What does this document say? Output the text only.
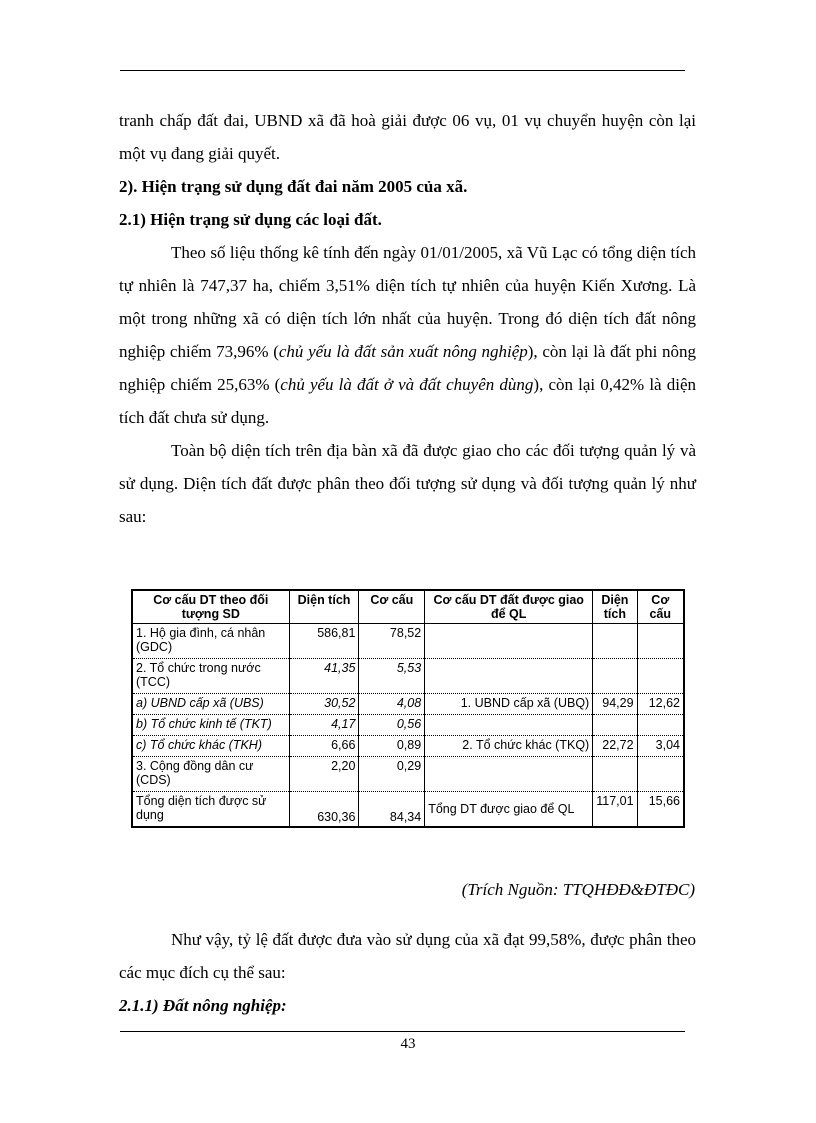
tranh chấp đất đai, UBND xã đã hoà giải được 06 vụ, 01 vụ chuyển huyện còn lại một vụ đang giải quyết.

2). Hiện trạng sử dụng đất đai năm 2005 của xã.

2.1) Hiện trạng sử dụng các loại đất.

Theo số liệu thống kê tính đến ngày 01/01/2005, xã Vũ Lạc có tổng diện tích tự nhiên là 747,37 ha, chiếm 3,51% diện tích tự nhiên của huyện Kiến Xương. Là một trong những xã có diện tích lớn nhất của huyện. Trong đó diện tích đất nông nghiệp chiếm 73,96% (chủ yếu là đất sản xuất nông nghiệp), còn lại là đất phi nông nghiệp chiếm 25,63% (chủ yếu là đất ở và đất chuyên dùng), còn lại 0,42% là diện tích đất chưa sử dụng.

Toàn bộ diện tích trên địa bàn xã đã được giao cho các đối tượng quản lý và sử dụng. Diện tích đất được phân theo đối tượng sử dụng và đối tượng quản lý như sau:

Cơ cấu DT theo đối tượng SD	Diện tích	Cơ cấu	Cơ cấu DT đất được giao để QL	Diện tích	Cơ cấu
1. Hộ gia đình, cá nhân (GDC)	586,81	78,52			
2. Tổ chức trong nước (TCC)	41,35	5,53			
a) UBND cấp xã (UBS)	30,52	4,08	1. UBND cấp xã (UBQ)	94,29	12,62
b) Tổ chức kinh tế (TKT)	4,17	0,56			
c) Tổ chức khác (TKH)	6,66	0,89	2. Tổ chức khác (TKQ)	22,72	3,04
3. Cộng đồng dân cư (CDS)	2,20	0,29			
Tổng diện tích được sử dụng	630,36	84,34	Tổng DT được giao để QL	117,01	15,66
(Trích Nguồn: TTQHĐĐ&ĐTĐC)

Như vậy, tỷ lệ đất được đưa vào sử dụng của xã đạt 99,58%, được phân theo các mục đích cụ thể sau:

2.1.1) Đất nông nghiệp:

43
